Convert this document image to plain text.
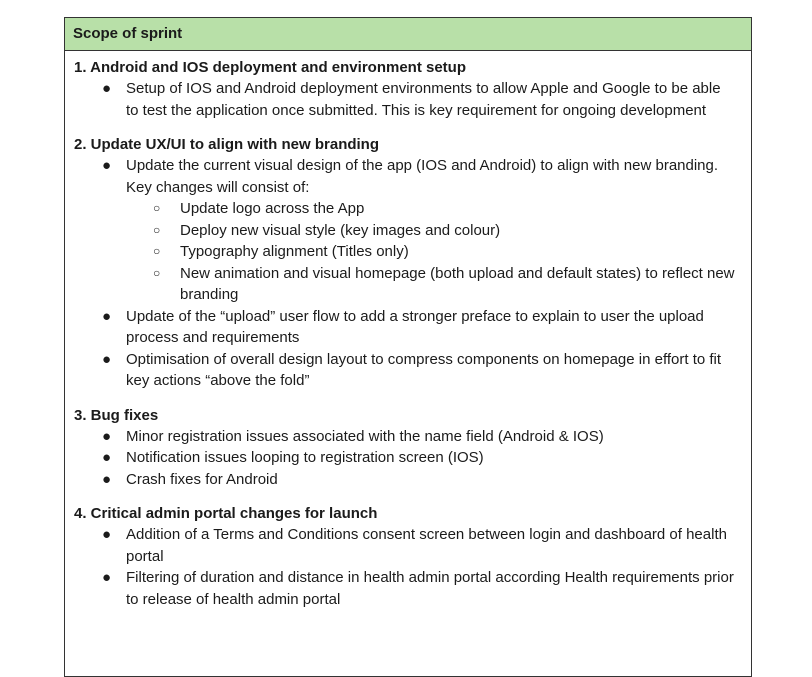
Scope of sprint
1. Android and IOS deployment and environment setup
● Setup of IOS and Android deployment environments to allow Apple and Google to be able to test the application once submitted. This is key requirement for ongoing development
2. Update UX/UI to align with new branding
● Update the current visual design of the app (IOS and Android) to align with new branding. Key changes will consist of:
○ Update logo across the App
○ Deploy new visual style (key images and colour)
○ Typography alignment (Titles only)
○ New animation and visual homepage (both upload and default states) to reflect new branding
● Update of the “upload” user flow to add a stronger preface to explain to user the upload process and requirements
● Optimisation of overall design layout to compress components on homepage in effort to fit key actions “above the fold”
3. Bug fixes
● Minor registration issues associated with the name field (Android & IOS)
● Notification issues looping to registration screen (IOS)
● Crash fixes for Android
4. Critical admin portal changes for launch
● Addition of a Terms and Conditions consent screen between login and dashboard of health portal
● Filtering of duration and distance in health admin portal according Health requirements prior to release of health admin portal
